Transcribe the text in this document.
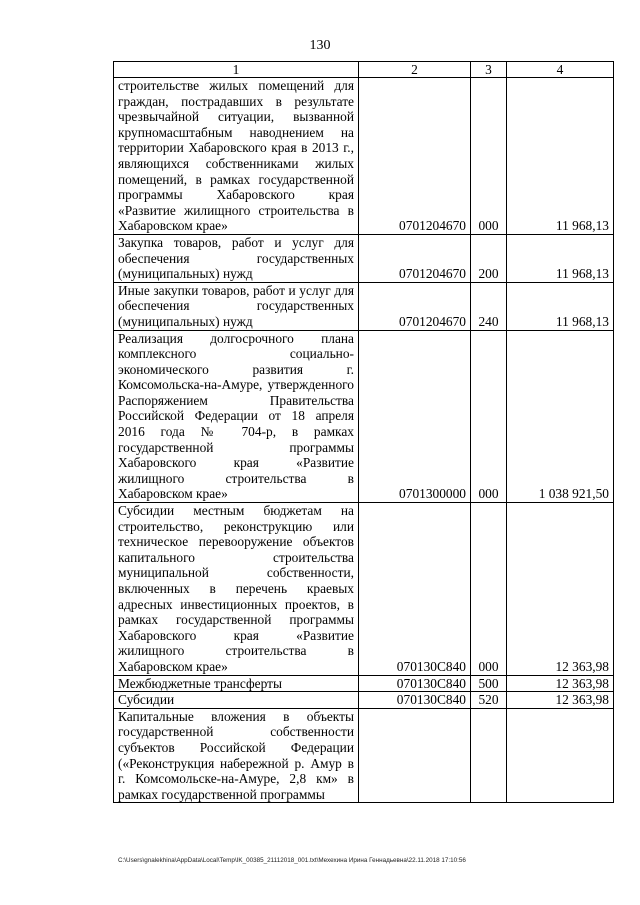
130
1	2	3	4
строительстве жилых помещений для граждан, пострадавших в результате чрезвычайной ситуации, вызванной крупномасштабным наводнением на территории Хабаровского края в 2013 г., являющихся собственниками жилых помещений, в рамках государственной программы Хабаровского края «Развитие жилищного строительства в Хабаровском крае»	0701204670	000	11 968,13
Закупка товаров, работ и услуг для обеспечения государственных (муниципальных) нужд	0701204670	200	11 968,13
Иные закупки товаров, работ и услуг для обеспечения государственных (муниципальных) нужд	0701204670	240	11 968,13
Реализация долгосрочного плана комплексного социально-экономического развития г. Комсомольска-на-Амуре, утвержденного Распоряжением Правительства Российской Федерации от 18 апреля 2016 года № 704-р, в рамках государственной программы Хабаровского края «Развитие жилищного строительства в Хабаровском крае»	0701300000	000	1 038 921,50
Субсидии местным бюджетам на строительство, реконструкцию или техническое перевооружение объектов капитального строительства муниципальной собственности, включенных в перечень краевых адресных инвестиционных проектов, в рамках государственной программы Хабаровского края «Развитие жилищного строительства в Хабаровском крае»	070130С840	000	12 363,98
Межбюджетные трансферты	070130С840	500	12 363,98
Субсидии	070130С840	520	12 363,98
Капитальные вложения в объекты государственной собственности субъектов Российской Федерации («Реконструкция набережной р. Амур в г. Комсомольске-на-Амуре, 2,8 км» в рамках государственной программы			
C:\Users\gnalekhina\AppData\Local\Temp\IK_00385_21112018_001.txt\Мехехина Ирина Геннадьевна\22.11.2018 17:10:56
